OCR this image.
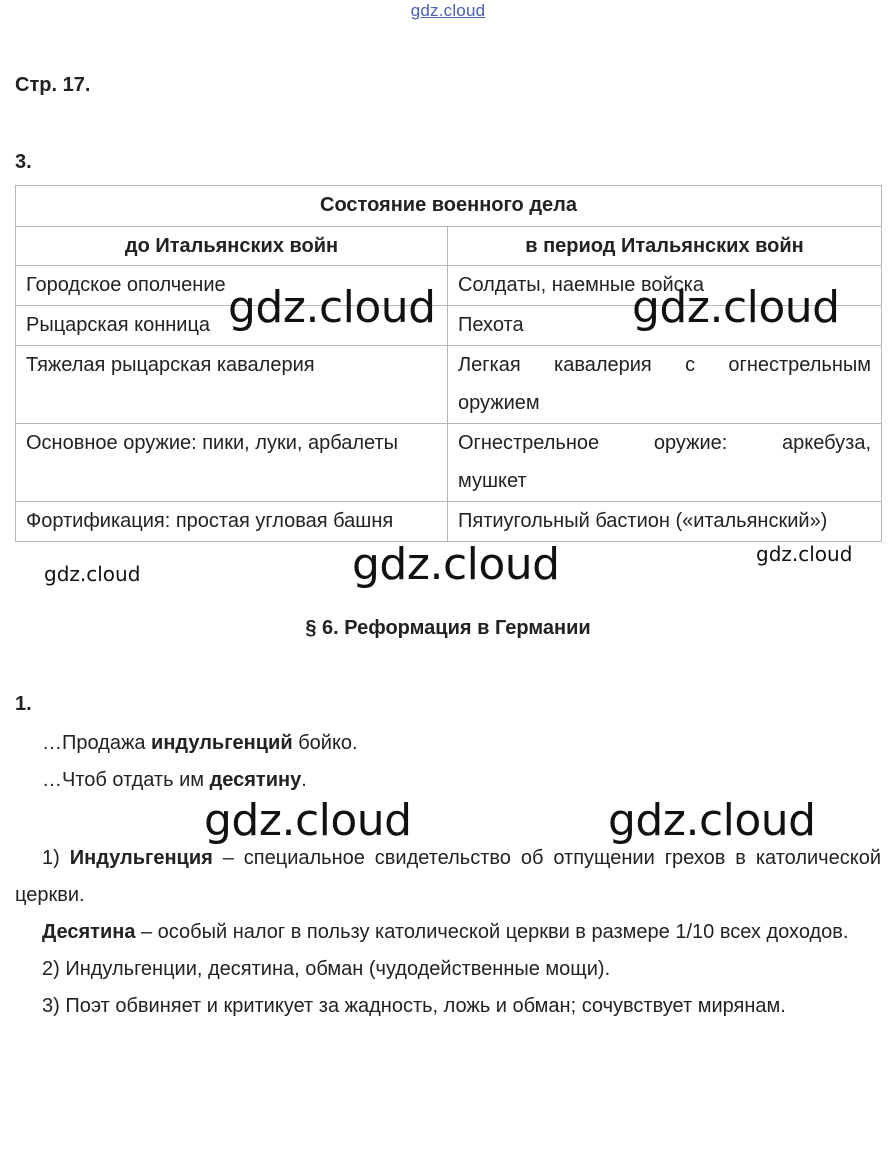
gdz.cloud
Стр. 17.
3.
Состояние военного дела	
до Итальянских войн	в период Итальянских войн
Городское ополчение	Солдаты, наемные войска
Рыцарская конница	Пехота
Тяжелая рыцарская кавалерия	Легкая кавалерия с огнестрельным
оружием

Основное оружие: пики, луки, арбалеты	Огнестрельное оружие: аркебуза,
мушкет

Фортификация: простая угловая башня	Пятиугольный бастион («итальянский»)
gdz.cloud	gdz.cloud
gdz.cloud	gdz.cloud	gdz.cloud
§ 6. Реформация в Германии
1.

…Продажа индульгенций бойко.

…Чтоб отдать им десятину.

gdz.cloud	gdz.cloud

1) Индульгенция – специальное свидетельство об отпущении грехов в католической церкви.

Десятина – особый налог в пользу католической церкви в размере 1/10 всех доходов.

2) Индульгенции, десятина, обман (чудодейственные мощи).

3) Поэт обвиняет и критикует за жадность, ложь и обман; сочувствует мирянам.
